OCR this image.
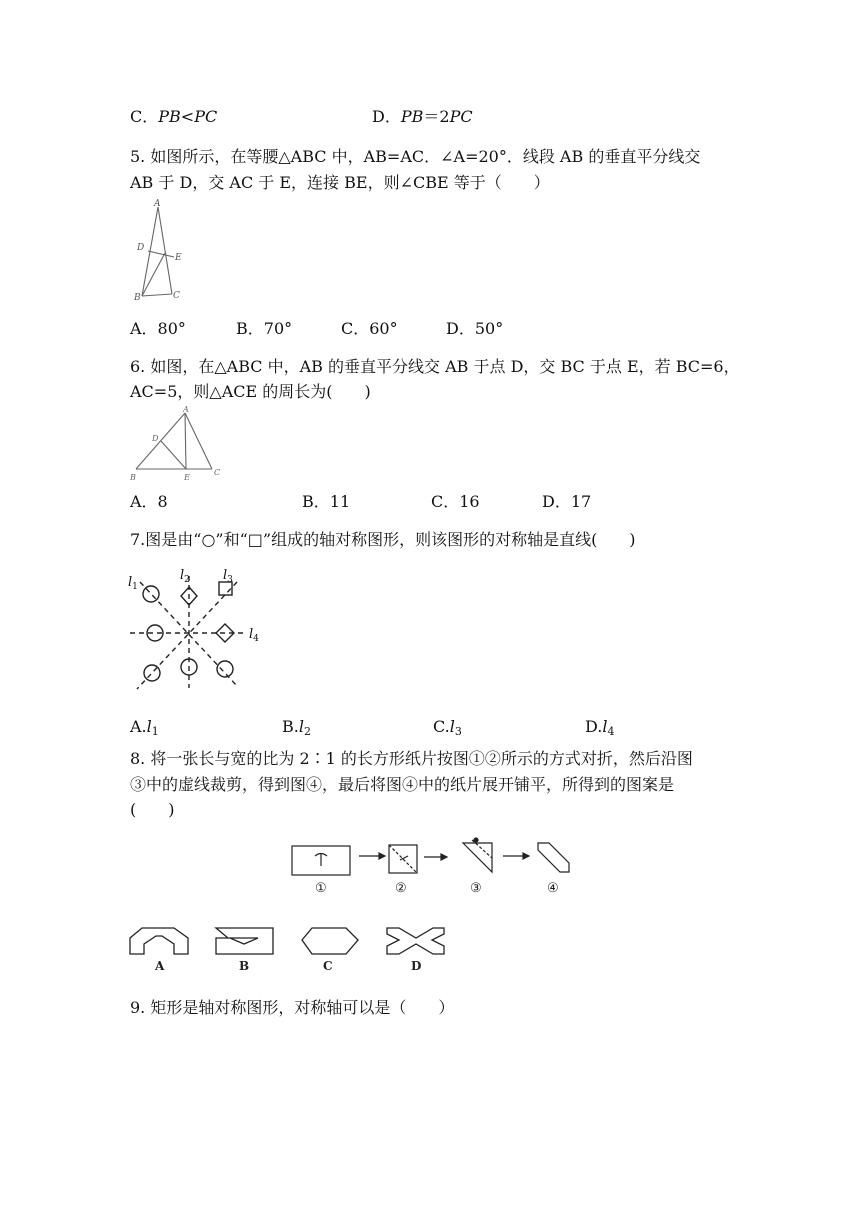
C．PB<PC	D．PB＝2PC
5. 如图所示，在等腰△ABC 中，AB=AC．∠A=20°．线段 AB 的垂直平分线交
AB 于 D，交 AC 于 E，连接 BE，则∠CBE 等于（　　）
A
D
E
B	C
A．80°	B．70°	C．60°	D．50°
6. 如图，在△ABC 中，AB 的垂直平分线交 AB 于点 D，交 BC 于点 E，若 BC=6，
AC=5，则△ACE 的周长为(　　)
A
D
B	E
C
A．8	B．11	C．16	D．17
7.图是由“○”和“□”组成的轴对称图形，则该图形的对称轴是直线(　　)
$l_1$
$l_2$	$l_3$
$l_4$
$A.l_1$	$B.l_2$	$C.l_3$	$D.l_4$
8. 将一张长与宽的比为 2∶1 的长方形纸片按图①②所示的方式对折，然后沿图
③中的虚线裁剪，得到图④，最后将图④中的纸片展开铺平，所得到的图案是
(　　)
①	②	③	④
A	B	C	D
9. 矩形是轴对称图形，对称轴可以是（　　）
